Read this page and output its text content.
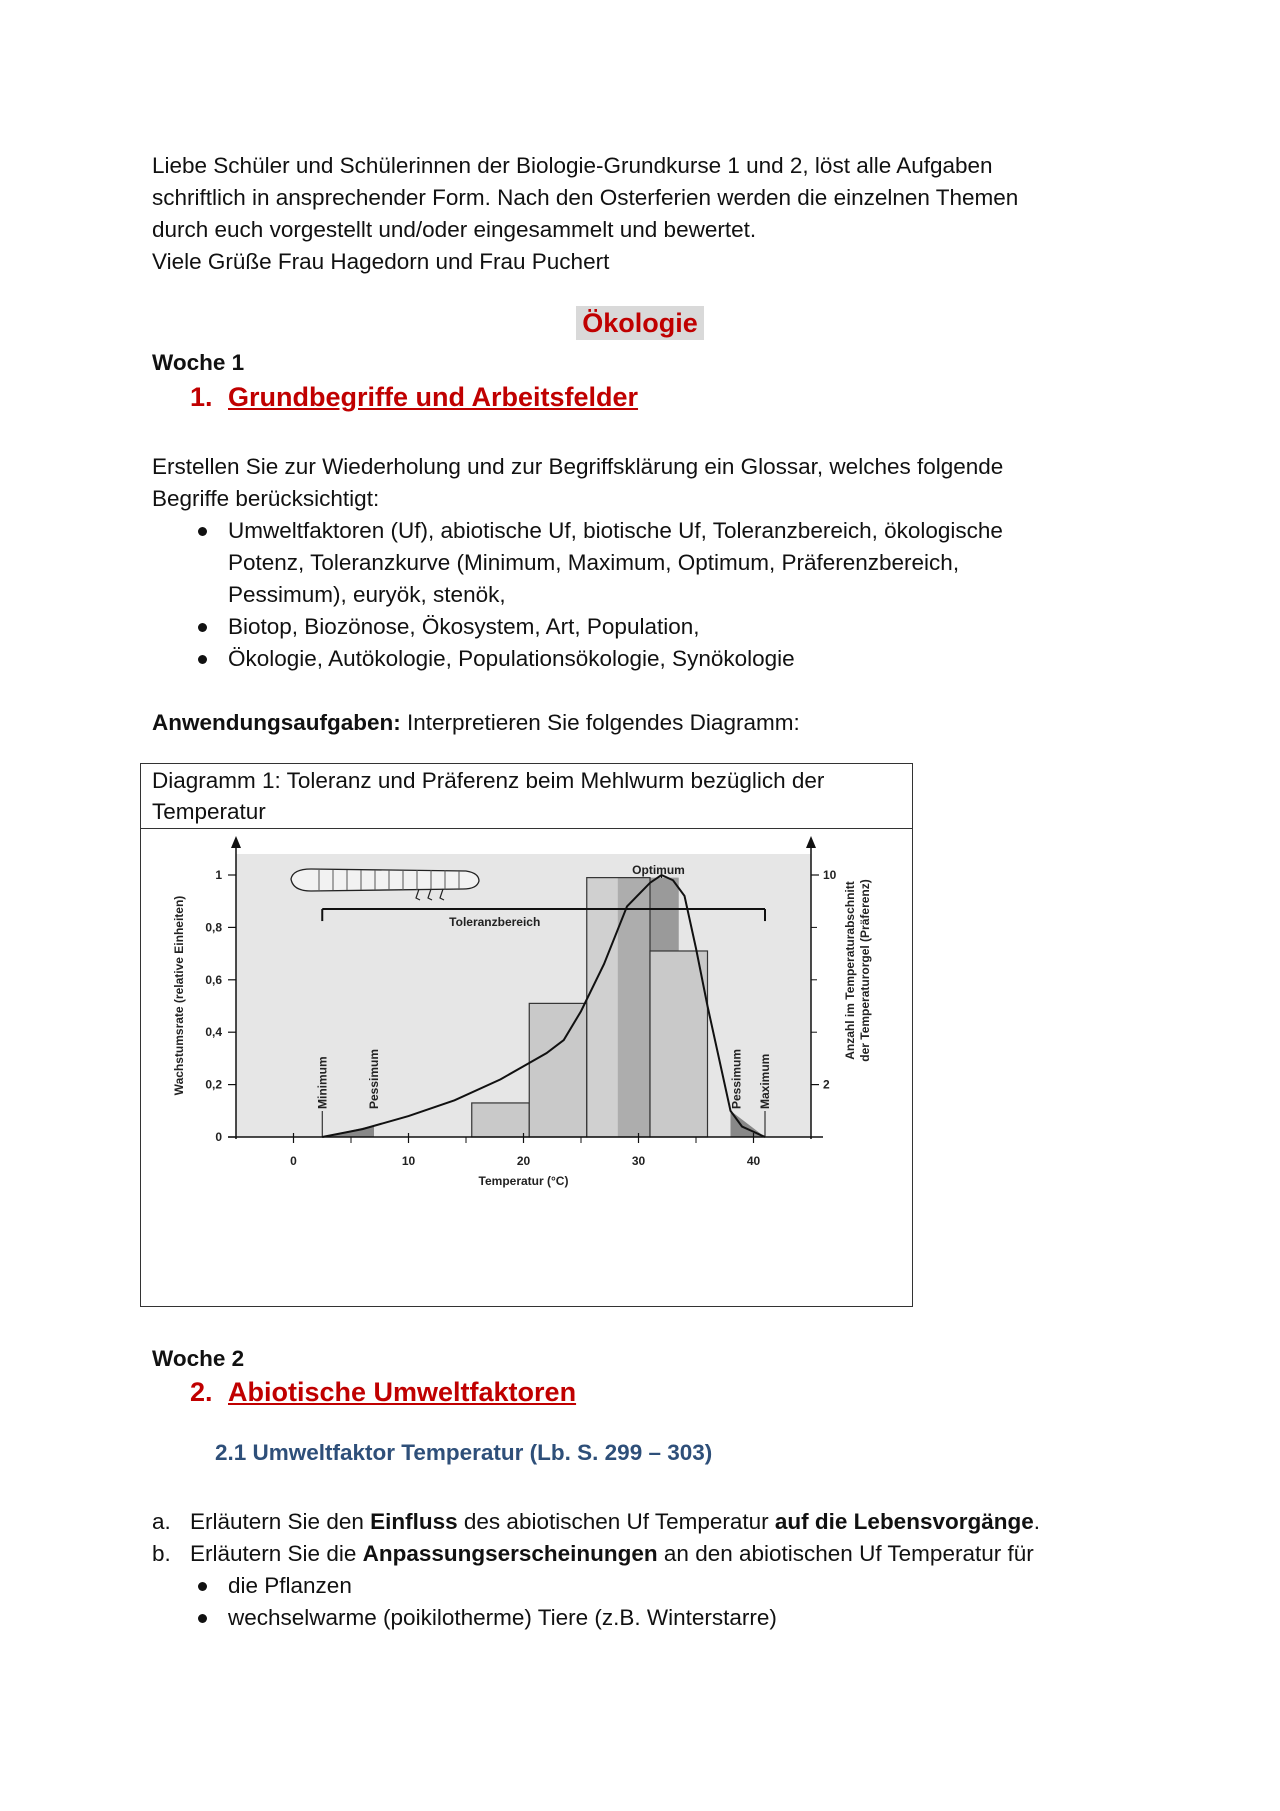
Liebe Schüler und Schülerinnen der Biologie-Grundkurse 1 und 2, löst alle Aufgaben

schriftlich in ansprechender Form. Nach den Osterferien werden die einzelnen Themen

durch euch vorgestellt und/oder eingesammelt und bewertet.

Viele Grüße Frau Hagedorn und Frau Puchert

Ökologie
Woche 1
1. Grundbegriffe und Arbeitsfelder
Erstellen Sie zur Wiederholung und zur Begriffsklärung ein Glossar, welches folgende
Begriffe berücksichtigt:
Umweltfaktoren (Uf), abiotische Uf, biotische Uf, Toleranzbereich, ökologische Potenz, Toleranzkurve (Minimum, Maximum, Optimum, Präferenzbereich, Pessimum), euryök, stenök,
Biotop, Biozönose, Ökosystem, Art, Population,
Ökologie, Autökologie, Populationsökologie, Synökologie
Anwendungsaufgaben: Interpretieren Sie folgendes Diagramm:
Diagramm 1: Toleranz und Präferenz beim Mehlwurm bezüglich der Temperatur
0	10	20	30	40
Temperatur (°C)
0
0,2
0,4
0,6
0,8
1
2
10
Wachstumsrate (relative Einheiten)	Anzahl im Temperaturabschnitt der Temperaturorgel (Präferenz)
Toleranzbereich
Optimum
Minimum	Pessimum	Pessimum Maximum
Woche 2
2. Abiotische Umweltfaktoren
2.1 Umweltfaktor Temperatur (Lb. S. 299 – 303)
a. Erläutern Sie den Einfluss des abiotischen Uf Temperatur auf die Lebensvorgänge.
b. Erläutern Sie die Anpassungserscheinungen an den abiotischen Uf Temperatur für
die Pflanzen
wechselwarme (poikilotherme) Tiere (z.B. Winterstarre)
